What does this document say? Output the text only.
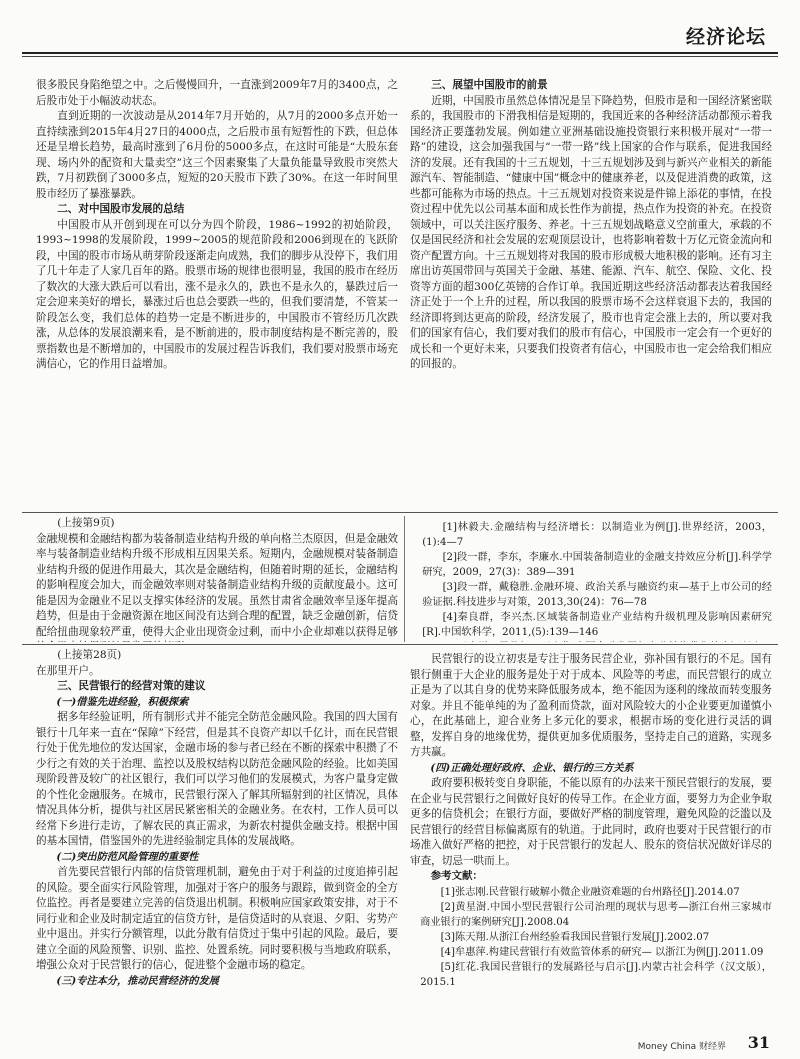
经济论坛

很多股民身陷绝望之中。之后慢慢回升，一直涨到2009年7月的3400点，之后股市处于小幅波动状态。

直到近期的一次波动是从2014年7月开始的，从7月的2000多点开始一直持续涨到2015年4月27日的4000点，之后股市虽有短暂性的下跌，但总体还是呈增长趋势，最高时涨到了6月份的5000多点，在这时可能是“大股东套现、场内外的配资和大量卖空”这三个因素聚集了大量负能量导致股市突然大跌，7月初跌倒了3000多点，短短的20天股市下跌了30%。在这一年时间里股市经历了暴涨暴跌。

二、对中国股市发展的总结

中国股市从开创到现在可以分为四个阶段，1986~1992的初始阶段，1993~1998的发展阶段，1999~2005的规范阶段和2006到现在的飞跃阶段，中国的股市市场从萌芽阶段逐渐走向成熟，我们的脚步从没停下，我们用了几十年走了人家几百年的路。股票市场的规律也很明显，我国的股市在经历了数次的大涨大跌后可以看出，涨不是永久的，跌也不是永久的，暴跌过后一定会迎来美好的增长，暴涨过后也总会要跌一些的，但我们要清楚，不管某一阶段怎么变，我们总体的趋势一定是不断进步的，中国股市不管经历几次跌涨，从总体的发展浪潮来看，是不断前进的，股市制度结构是不断完善的，股票指数也是不断增加的，中国股市的发展过程告诉我们，我们要对股票市场充满信心，它的作用日益增加。

三、展望中国股市的前景

近期，中国股市虽然总体情况是呈下降趋势，但股市是和一国经济紧密联系的，我国股市的下滑我相信是短期的，我国近来的各种经济活动都预示着我国经济正要蓬勃发展。例如建立亚洲基础设施投资银行来积极开展对“一带一路”的建设，这会加强我国与“一带一路”线上国家的合作与联系，促进我国经济的发展。还有我国的十三五规划，十三五规划涉及到与新兴产业相关的新能源汽车、智能制造、“健康中国”概念中的健康养老，以及促进消费的政策，这些都可能称为市场的热点。十三五规划对投资来说是件锦上添花的事情，在投资过程中优先以公司基本面和成长性作为前提，热点作为投资的补充。在投资领域中，可以关注医疗服务、养老。十三五规划战略意义空前重大，承载的不仅是国民经济和社会发展的宏观顶层设计，也将影响着数十万亿元资金流向和资产配置方向。十三五规划将对我国的股市形成极大地积极的影响。还有习主席出访英国带回与英国关于金融、基建、能源、汽车、航空、保险、文化、投资等方面的超300亿英镑的合作订单。我国近期这些经济活动都表达着我国经济正处于一个上升的过程，所以我国的股票市场不会这样衰退下去的，我国的经济即将到达更高的阶段，经济发展了，股市也肯定会涨上去的，所以要对我们的国家有信心，我们要对我们的股市有信心，中国股市一定会有一个更好的成长和一个更好未来，只要我们投资者有信心，中国股市也一定会给我们相应的回报的。

(上接第9页)

金融规模和金融结构都为装备制造业结构升级的单向格兰杰原因，但是金融效率与装备制造业结构升级不形成相互因果关系。短期内，金融规模对装备制造业结构升级的促进作用最大，其次是金融结构，但随着时期的延长，金融结构的影响程度会加大，而金融效率则对装备制造业结构升级的贡献度最小。这可能是因为金融业不足以支撑实体经济的发展。虽然甘肃省金融效率呈逐年提高趋势，但是由于金融资源在地区间没有达到合理的配置，缺乏金融创新，信贷配给扭曲现象较严重，使得大企业出现资金过剩，而中小企业却难以获得足够

[1]林毅夫.金融结构与经济增长：以制造业为例[J].世界经济，2003，(1):4—7

[2]段一群，李东，李廉水.中国装备制造业的金融支持效应分析[J].科学学研究，2009，27(3)：389—391

[3]段一群，戴稳胜.金融环境、政治关系与融资约束—基于上市公司的经验证据.科技进步与对策，2013,30(24)：76—78

[4]秦良群，李兴杰.区域装备制造业产业结构升级机理及影响因素研究[R].中国软科学，2011,(5):139—146

(上接第28页)

在那里开户。

三、民营银行的经营对策的建议

(一)借鉴先进经验，积极探索

据多年经验证明，所有制形式并不能完全防范金融风险。我国的四大国有银行十几年来一直在“保障”下经营，但是其不良资产却以千亿计，而在民营银行处于优先地位的发达国家，金融市场的参与者已经在不断的探索中积攒了不少行之有效的关于治理、监控以及股权结构以防范金融风险的经验。比如美国现阶段普及较广的社区银行，我们可以学习他们的发展模式，为客户量身定做的个性化金融服务。在城市，民营银行深入了解其所辐射到的社区情况，具体情况具体分析，提供与社区居民紧密相关的金融业务。在农村，工作人员可以经常下乡进行走访，了解农民的真正需求，为新农村提供金融支持。根据中国的基本国情，借鉴国外的先进经验制定具体的发展战略。

(二)突出防范风险管理的重要性

首先要民营银行内部的信贷管理机制，避免由于对于利益的过度追捧引起的风险。要全面实行风险管理，加强对于客户的服务与跟踪，做到资金的全方位监控。再者是要建立完善的信贷退出机制。积极响应国家政策安排，对于不同行业和企业及时制定适宜的信贷方针，是信贷适时的从衰退、夕阳、劣势产业中退出。并实行分额管理，以此分散有信贷过于集中引起的风险。最后，要建立全面的风险预警、识别、监控、处置系统。同时要积极与当地政府联系，增强公众对于民营银行的信心，促进整个金融市场的稳定。

(三)专注本分，推动民营经济的发展

民营银行的设立初衷是专注于服务民营企业，弥补国有银行的不足。国有银行侧重于大企业的服务是处于对于成本、风险等的考虑，而民营银行的成立正是为了以其自身的优势来降低服务成本，绝不能因为逐利的缘故而转变服务对象。并且不能单纯的为了盈利而贷款，面对风险较大的小企业要更加谨慎小心，在此基础上，迎合业务上多元化的要求，根据市场的变化进行灵活的调整，发挥自身的地缘优势，提供更加多优质服务，坚持走自己的道路，实现多方共赢。

(四)正确处理好政府、企业、银行的三方关系

政府要积极转变自身职能，不能以原有的办法来干预民营银行的发展，要在企业与民营银行之间做好良好的传导工作。在企业方面，要努力为企业争取更多的信贷机会；在银行方面，要做好严格的制度管理，避免风险的泛滥以及民营银行的经营目标偏离原有的轨道。于此同时，政府也要对于民营银行的市场准入做好严格的把控，对于民营银行的发起人、股东的资信状况做好详尽的审查，切忌一哄而上。

参考文献：

[1]张志刚.民营银行破解小微企业融资难题的台州路径[J].2014.07

[2]黄星澍.中国小型民营银行公司治理的现状与思考—浙江台州三家城市商业银行的案例研究[J].2008.04

[3]陈天翔.从浙江台州经验看我国民营银行发展[J].2002.07

[4]牟惠萍.构建民营银行有效监管体系的研究— 以浙江为例[J].2011.09

[5]红花.我国民营银行的发展路径与启示[J].内蒙古社会科学（汉文版），2015.1

Money China 财经界 31
